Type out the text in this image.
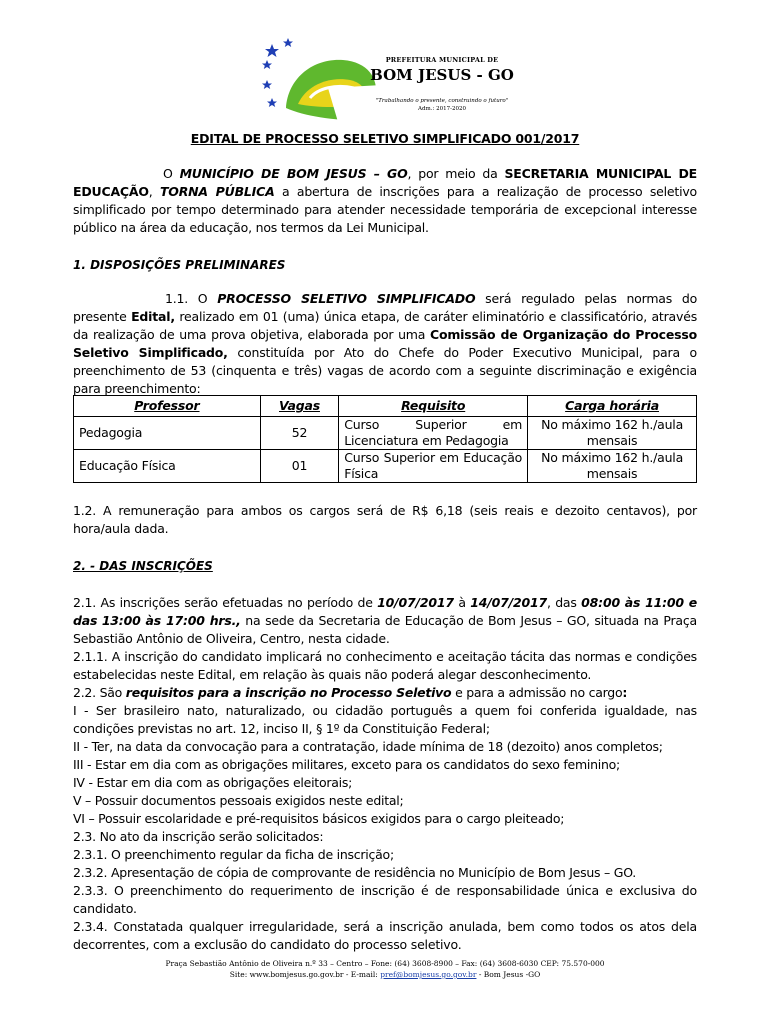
PREFEITURA MUNICIPAL DE
BOM JESUS - GO
"Trabalhando o presente, construindo o futuro"
Adm.: 2017-2020
EDITAL DE PROCESSO SELETIVO SIMPLIFICADO 001/2017
O MUNICÍPIO DE BOM JESUS – GO, por meio da SECRETARIA MUNICIPAL DE EDUCAÇÃO, TORNA PÚBLICA a abertura de inscrições para a realização de processo seletivo simplificado por tempo determinado para atender necessidade temporária de excepcional interesse público na área da educação, nos termos da Lei Municipal.
1. DISPOSIÇÕES PRELIMINARES
1.1. O PROCESSO SELETIVO SIMPLIFICADO será regulado pelas normas do presente Edital, realizado em 01 (uma) única etapa, de caráter eliminatório e classificatório, através da realização de uma prova objetiva, elaborada por uma Comissão de Organização do Processo Seletivo Simplificado, constituída por Ato do Chefe do Poder Executivo Municipal, para o preenchimento de 53 (cinquenta e três) vagas de acordo com a seguinte discriminação e exigência para preenchimento:
Professor	Vagas	Requisito	Carga horária
Pedagogia	52	Curso Superior em Licenciatura em Pedagogia	No máximo 162 h./aula mensais
Educação Física	01	Curso Superior em Educação Física	No máximo 162 h./aula mensais
1.2. A remuneração para ambos os cargos será de R$ 6,18 (seis reais e dezoito centavos), por hora/aula dada.
2. - DAS INSCRIÇÕES
2.1. As inscrições serão efetuadas no período de 10/07/2017 à 14/07/2017, das 08:00 às 11:00 e das 13:00 às 17:00 hrs., na sede da Secretaria de Educação de Bom Jesus – GO, situada na Praça Sebastião Antônio de Oliveira, Centro, nesta cidade.
2.1.1. A inscrição do candidato implicará no conhecimento e aceitação tácita das normas e condições estabelecidas neste Edital, em relação às quais não poderá alegar desconhecimento.
2.2. São requisitos para a inscrição no Processo Seletivo e para a admissão no cargo:
I - Ser brasileiro nato, naturalizado, ou cidadão português a quem foi conferida igualdade, nas condições previstas no art. 12, inciso II, § 1º da Constituição Federal;
II - Ter, na data da convocação para a contratação, idade mínima de 18 (dezoito) anos completos;
III - Estar em dia com as obrigações militares, exceto para os candidatos do sexo feminino;
IV - Estar em dia com as obrigações eleitorais;
V – Possuir documentos pessoais exigidos neste edital;
VI – Possuir escolaridade e pré-requisitos básicos exigidos para o cargo pleiteado;
2.3. No ato da inscrição serão solicitados:
2.3.1. O preenchimento regular da ficha de inscrição;
2.3.2. Apresentação de cópia de comprovante de residência no Município de Bom Jesus – GO.
2.3.3. O preenchimento do requerimento de inscrição é de responsabilidade única e exclusiva do candidato.
2.3.4. Constatada qualquer irregularidade, será a inscrição anulada, bem como todos os atos dela decorrentes, com a exclusão do candidato do processo seletivo.
Praça Sebastião Antônio de Oliveira n.º 33 – Centro – Fone: (64) 3608-8900 – Fax: (64) 3608-6030 CEP: 75.570-000
Site: www.bomjesus.go.gov.br - E-mail: pref@bomjesus.go.gov.br - Bom Jesus -GO
